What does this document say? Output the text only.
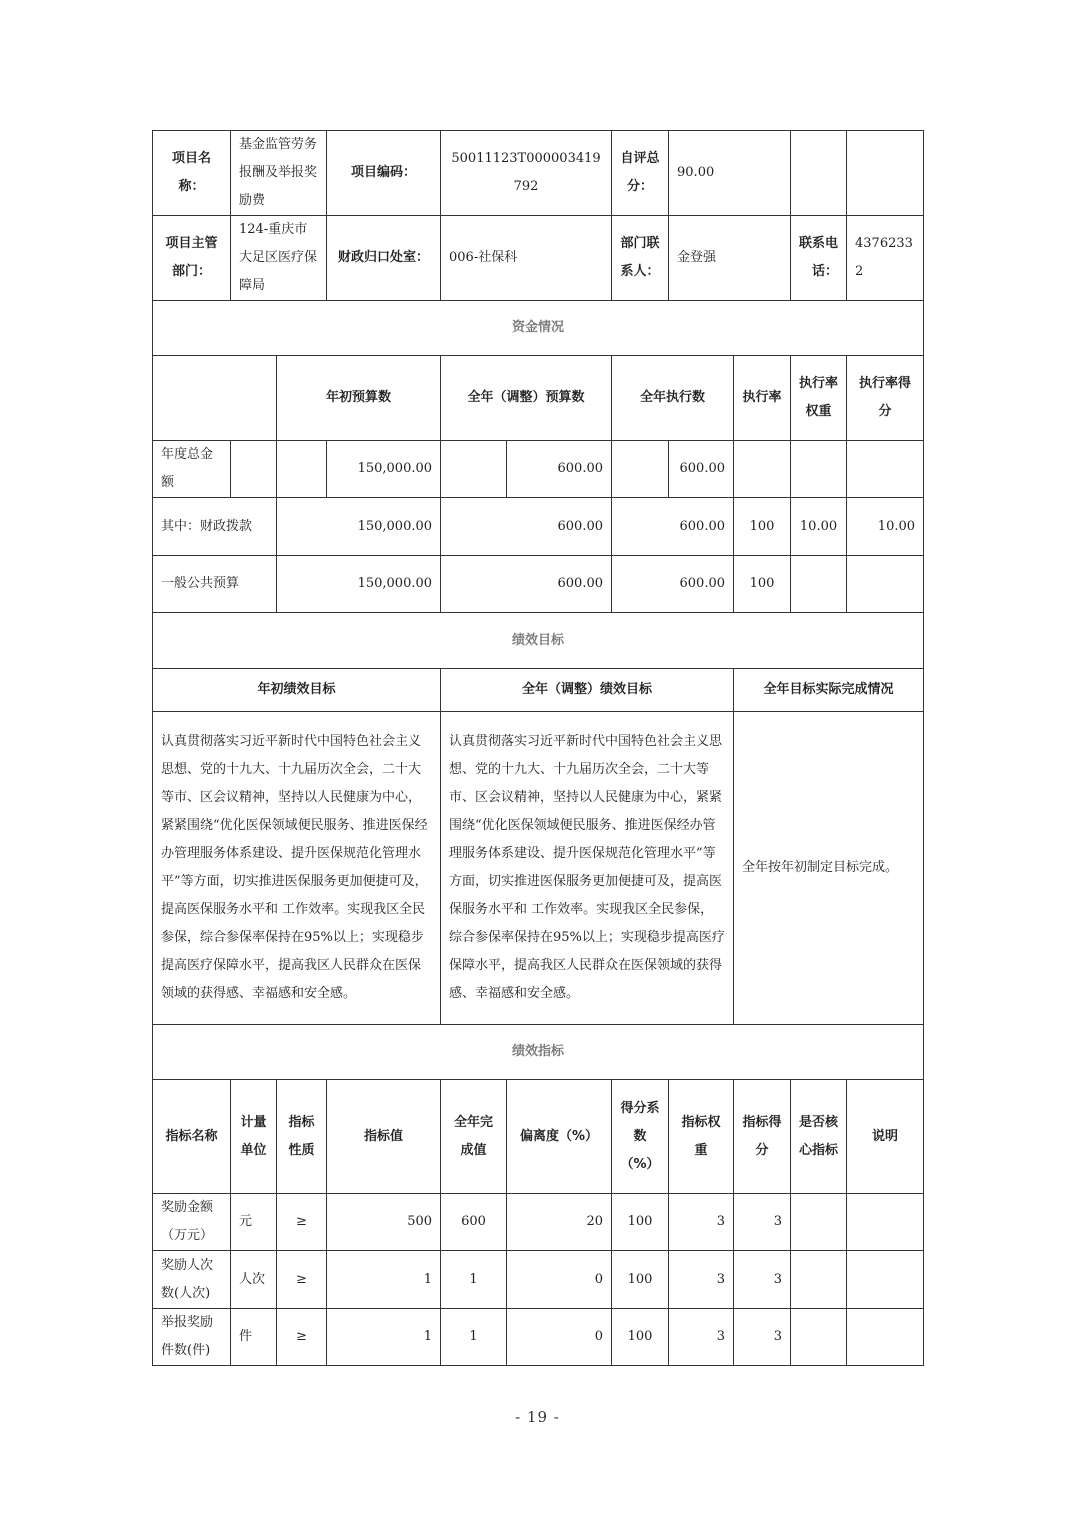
项目名称：	基金监管劳务报酬及举报奖励费		项目编码：	50011123T000003419792		自评总分：	90.00			
项目主管部门：	124-重庆市大足区医疗保障局		财政归口处室：	006-社保科		部门联系人：	金登强		联系电话：	43762332
资金情况										
		年初预算数		全年（调整）预算数		全年执行数		执行率	执行率权重	执行率得分
年度总金额			150,000.00		600.00		600.00			
其中：财政拨款		150,000.00		600.00		600.00		100	10.00	10.00
一般公共预算		150,000.00		600.00		600.00		100		
绩效目标										
年初绩效目标				全年（调整）绩效目标				全年目标实际完成情况		
认真贯彻落实习近平新时代中国特色社会主义思想、党的十九大、十九届历次全会，二十大等市、区会议精神，坚持以人民健康为中心，紧紧围绕“优化医保领域便民服务、推进医保经办管理服务体系建设、提升医保规范化管理水平”等方面，切实推进医保服务更加便捷可及，提高医保服务水平和 工作效率。实现我区全民参保，综合参保率保持在95%以上；实现稳步提高医疗保障水平，提高我区人民群众在医保领域的获得感、幸福感和安全感。				认真贯彻落实习近平新时代中国特色社会主义思想、党的十九大、十九届历次全会，二十大等市、区会议精神，坚持以人民健康为中心，紧紧围绕“优化医保领域便民服务、推进医保经办管理服务体系建设、提升医保规范化管理水平”等方面，切实推进医保服务更加便捷可及，提高医保服务水平和 工作效率。实现我区全民参保，综合参保率保持在95%以上；实现稳步提高医疗保障水平，提高我区人民群众在医保领域的获得感、幸福感和安全感。				全年按年初制定目标完成。		
绩效指标										
指标名称	计量单位	指标性质	指标值	全年完成值	偏离度（%）	得分系数（%）	指标权重	指标得分	是否核心指标	说明
奖励金额（万元）	元	≥	500	600	20	100	3	3		
奖励人次数(人次)	人次	≥	1	1	0	100	3	3		
举报奖励件数(件)	件	≥	1	1	0	100	3	3		
- 19 -
